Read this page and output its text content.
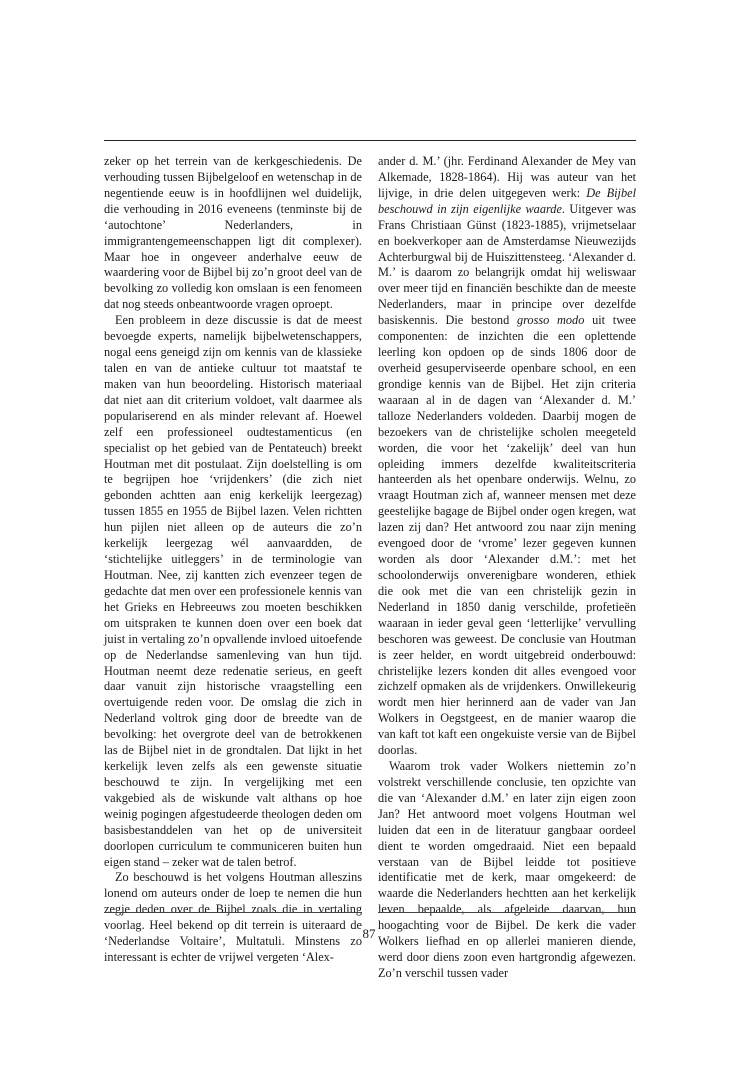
zeker op het terrein van de kerkgeschiedenis. De verhouding tussen Bijbelgeloof en wetenschap in de negentiende eeuw is in hoofdlijnen wel duidelijk, die verhouding in 2016 eveneens (tenminste bij de ‘autochtone’ Nederlanders, in immigrantengemeenschappen ligt dit complexer). Maar hoe in ongeveer anderhalve eeuw de waardering voor de Bijbel bij zo’n groot deel van de bevolking zo volledig kon omslaan is een fenomeen dat nog steeds onbeantwoorde vragen oproept.

Een probleem in deze discussie is dat de meest bevoegde experts, namelijk bijbelwetenschappers, nogal eens geneigd zijn om kennis van de klassieke talen en van de antieke cultuur tot maatstaf te maken van hun beoordeling. Historisch materiaal dat niet aan dit criterium voldoet, valt daarmee als populariserend en als minder relevant af. Hoewel zelf een professioneel oudtestamenticus (en specialist op het gebied van de Pentateuch) breekt Houtman met dit postulaat. Zijn doelstelling is om te begrijpen hoe ‘vrijdenkers’ (die zich niet gebonden achtten aan enig kerkelijk leergezag) tussen 1855 en 1955 de Bijbel lazen. Velen richtten hun pijlen niet alleen op de auteurs die zo’n kerkelijk leergezag wél aanvaardden, de ‘stichtelijke uitleggers’ in de terminologie van Houtman. Nee, zij kantten zich evenzeer tegen de gedachte dat men over een professionele kennis van het Grieks en Hebreeuws zou moeten beschikken om uitspraken te kunnen doen over een boek dat juist in vertaling zo’n opvallende invloed uitoefende op de Nederlandse samenleving van hun tijd. Houtman neemt deze redenatie serieus, en geeft daar vanuit zijn historische vraagstelling een overtuigende reden voor. De omslag die zich in Nederland voltrok ging door de breedte van de bevolking: het overgrote deel van de betrokkenen las de Bijbel niet in de grondtalen. Dat lijkt in het kerkelijk leven zelfs als een gewenste situatie beschouwd te zijn. In vergelijking met een vakgebied als de wiskunde valt althans op hoe weinig pogingen afgestudeerde theologen deden om basisbestanddelen van het op de universiteit doorlopen curriculum te communiceren buiten hun eigen stand – zeker wat de talen betrof.

Zo beschouwd is het volgens Houtman alleszins lonend om auteurs onder de loep te nemen die hun zegje deden over de Bijbel zoals die in vertaling voorlag. Heel bekend op dit terrein is uiteraard de ‘Nederlandse Voltaire’, Multatuli. Minstens zo interessant is echter de vrijwel vergeten ‘Alex-

ander d. M.’ (jhr. Ferdinand Alexander de Mey van Alkemade, 1828-1864). Hij was auteur van het lijvige, in drie delen uitgegeven werk: De Bijbel beschouwd in zijn eigenlijke waarde. Uitgever was Frans Christiaan Günst (1823-1885), vrijmetselaar en boekverkoper aan de Amsterdamse Nieuwezijds Achterburgwal bij de Huiszittensteeg. ‘Alexander d. M.’ is daarom zo belangrijk omdat hij weliswaar over meer tijd en financiën beschikte dan de meeste Nederlanders, maar in principe over dezelfde basiskennis. Die bestond grosso modo uit twee componenten: de inzichten die een oplettende leerling kon opdoen op de sinds 1806 door de overheid gesuperviseerde openbare school, en een grondige kennis van de Bijbel. Het zijn criteria waaraan al in de dagen van ‘Alexander d. M.’ talloze Nederlanders voldeden. Daarbij mogen de bezoekers van de christelijke scholen meegeteld worden, die voor het ‘zakelijk’ deel van hun opleiding immers dezelfde kwaliteitscriteria hanteerden als het openbare onderwijs. Welnu, zo vraagt Houtman zich af, wanneer mensen met deze geestelijke bagage de Bijbel onder ogen kregen, wat lazen zij dan? Het antwoord zou naar zijn mening evengoed door de ‘vrome’ lezer gegeven kunnen worden als door ‘Alexander d.M.’: met het schoolonderwijs onverenigbare wonderen, ethiek die ook met die van een christelijk gezin in Nederland in 1850 danig verschilde, profetieën waaraan in ieder geval geen ‘letterlijke’ vervulling beschoren was geweest. De conclusie van Houtman is zeer helder, en wordt uitgebreid onderbouwd: christelijke lezers konden dit alles evengoed voor zichzelf opmaken als de vrijdenkers. Onwillekeurig wordt men hier herinnerd aan de vader van Jan Wolkers in Oegstgeest, en de manier waarop die van kaft tot kaft een ongekuiste versie van de Bijbel doorlas.

Waarom trok vader Wolkers niettemin zo’n volstrekt verschillende conclusie, ten opzichte van die van ‘Alexander d.M.’ en later zijn eigen zoon Jan? Het antwoord moet volgens Houtman wel luiden dat een in de literatuur gangbaar oordeel dient te worden omgedraaid. Niet een bepaald verstaan van de Bijbel leidde tot positieve identificatie met de kerk, maar omgekeerd: de waarde die Nederlanders hechtten aan het kerkelijk leven bepaalde, als afgeleide daarvan, hun hoogachting voor de Bijbel. De kerk die vader Wolkers liefhad en op allerlei manieren diende, werd door diens zoon even hartgrondig afgewezen. Zo’n verschil tussen vader

87
